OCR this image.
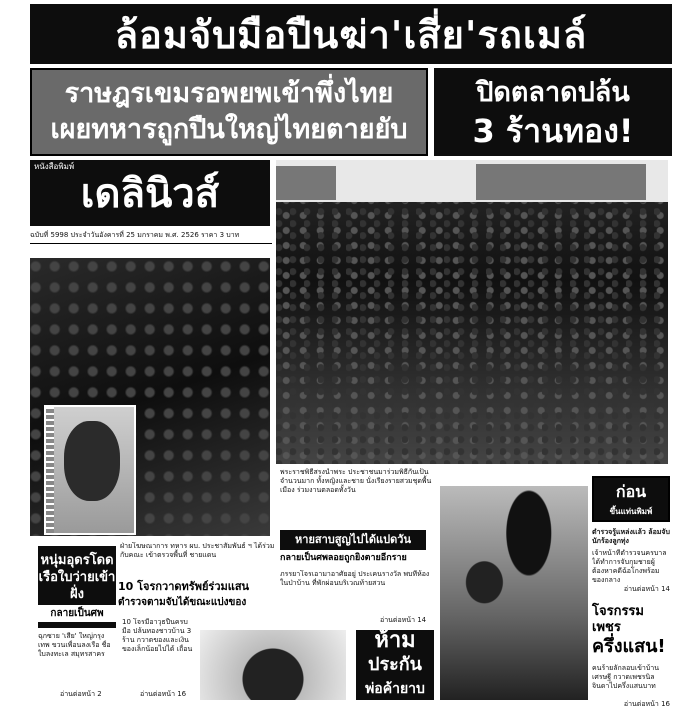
ล้อมจับมือปืนฆ่า'เสี่ย'รถเมล์
ราษฎรเขมรอพยพเข้าพึ่งไทย
เผยทหารถูกปืนใหญ่ไทยตายยับ
ปิดตลาดปล้น
3 ร้านทอง!
เดลินิวส์
หนังสือพิมพ์
ฉบับที่ 5998 ประจำวันอังคารที่ 25 มกราคม พ.ศ. 2526 ราคา 3 บาท
พระราชพิธีสรงน้ำพระ ประชาชนมาร่วมพิธีกันเป็นจำนวนมาก ทั้งหญิงและชาย นั่งเรียงรายสวมชุดพื้นเมือง ร่วมงานตลอดทั้งวัน
ฝ่ายโฆษณาการ ทหาร ผบ. ประชาสัมพันธ์ ฯ ได้ร่วมกับคณะ เข้าตรวจพื้นที่ ชายแดน
หนุ่มอุดรโดดเรือใบว่ายเข้าฝั่ง
กลายเป็นศพ
ฉุกซาย 'เสี่ย' ใหญ่กรุง เทพ ขวนเพื่อนลงเรือ ชื่อใบลงทะเล สมุทรสาคร
อ่านต่อหน้า 2
10 โจรกวาดทรัพย์ร่วมแสน
ตำรวจตามจับได้ขณะแบ่งของ
10 โจรมีอาวุธปืนครบ มือ ปล้นทองชาวบ้าน 3 ร้าน กวาดของและเงิน ของเล็กน้อยไปได้ เถื่อน
อ่านต่อหน้า 16
หายสาบสูญไปได้แปดวัน
กลายเป็นศพลอยถูกยิงตายอีกราย
ภรรยาโจรเอามาอาศัยอยู่ ประเคนรางวัล พบที่ห้องในป่าบ้าน ที่พักผ่อนบริเวณท้ายสวน
อ่านต่อหน้า 14
ห้าม
ประกัน
พ่อค้ายาบ
ก่อน
ขึ้นแท่นพิมพ์
ตำรวจรู้แหล่งเเล้ว ล้อมจับนักร้องลูกทุ่ง
เจ้าหน้าที่ตำรวจนครบาลได้ทำการจับกุมชายผู้ต้องหาคดีฉ้อโกงพร้อมของกลาง
อ่านต่อหน้า 14
โจรกรรมเพชร
ครึ่งแสน!
คนร้ายลักลอบเข้าบ้านเศรษฐี กวาดเพชรนิลจินดาไปครึ่งแสนบาท
อ่านต่อหน้า 16
